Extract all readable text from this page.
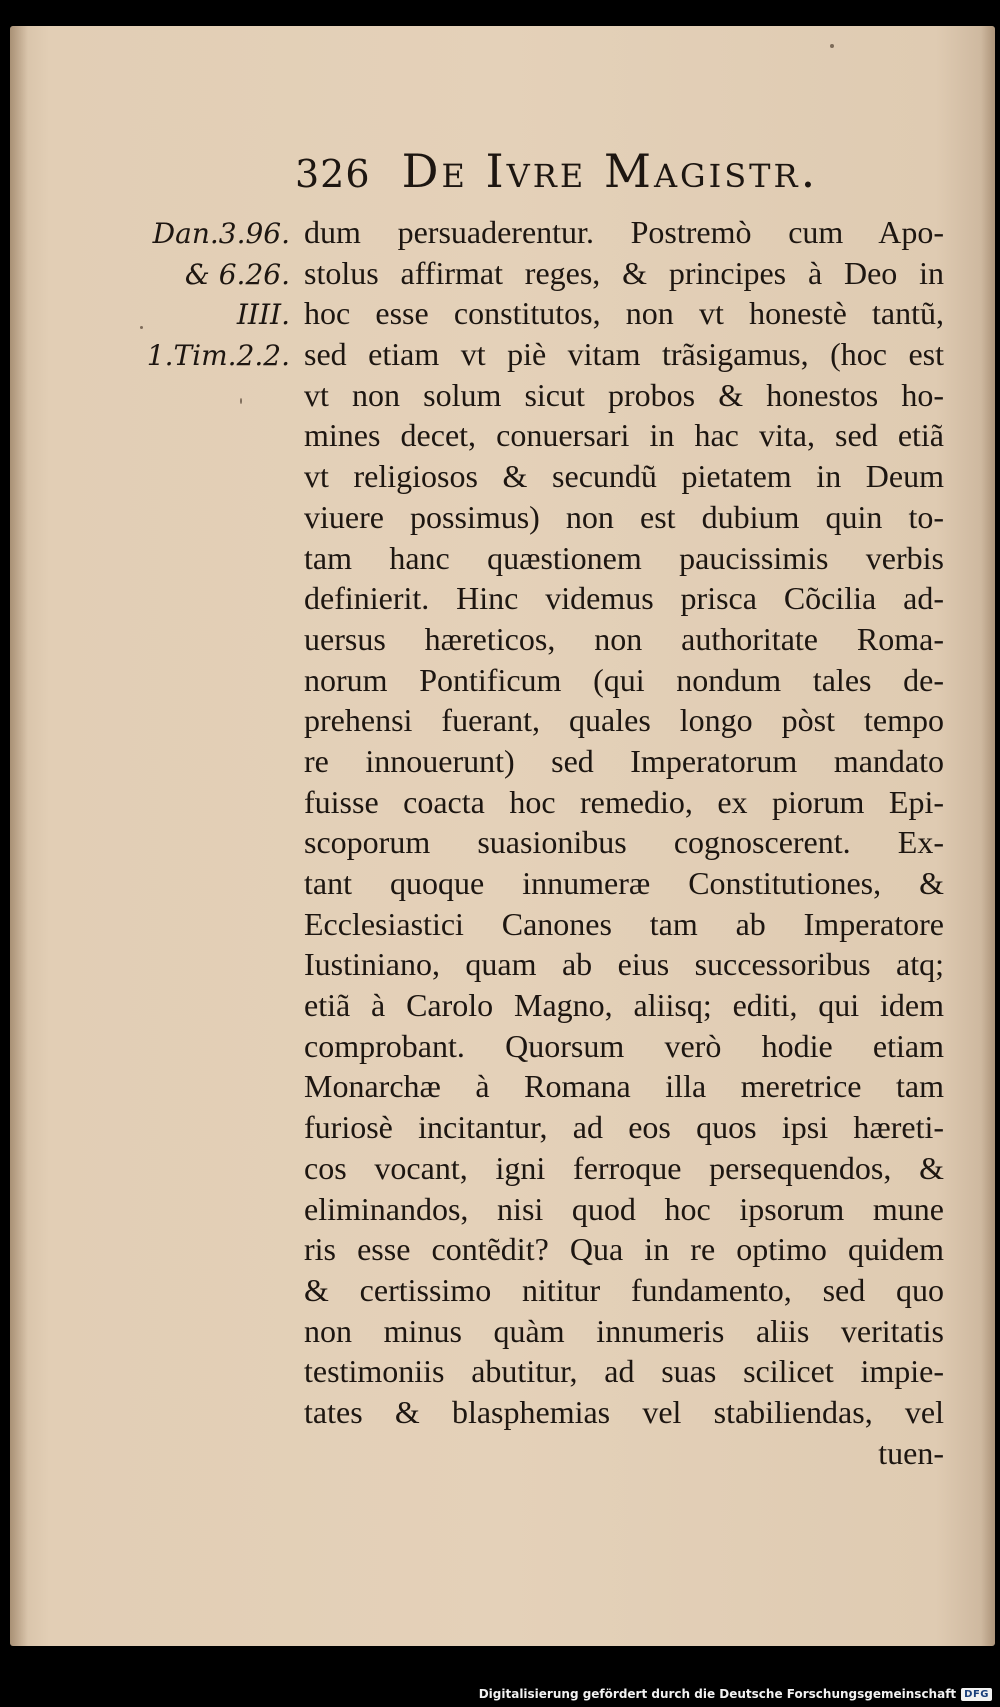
326 De Ivre Magistr.
Dan.3.96.
& 6.26.
IIII.
1.Tim.2.2.
dum persuaderentur. Postremò cum Apo-
stolus affirmat reges, & principes à Deo in
hoc esse constitutos, non vt honestè tantũ,
sed etiam vt piè vitam trãsigamus, (hoc est
vt non solum sicut probos & honestos ho-
mines decet, conuersari in hac vita, sed etiã
vt religiosos & secundũ pietatem in Deum
viuere possimus) non est dubium quin to-
tam hanc quæstionem paucissimis verbis
definierit. Hinc videmus prisca Cõcilia ad-
uersus hæreticos, non authoritate Roma-
norum Pontificum (qui nondum tales de-
prehensi fuerant, quales longo pòst tempo
re innouerunt) sed Imperatorum mandato
fuisse coacta hoc remedio, ex piorum Epi-
scoporum suasionibus cognoscerent. Ex-
tant quoque innumeræ Constitutiones, &
Ecclesiastici Canones tam ab Imperatore
Iustiniano, quam ab eius successoribus atq;
etiã à Carolo Magno, aliisq; editi, qui idem
comprobant. Quorsum verò hodie etiam
Monarchæ à Romana illa meretrice tam
furiosè incitantur, ad eos quos ipsi hæreti-
cos vocant, igni ferroque persequendos, &
eliminandos, nisi quod hoc ipsorum mune
ris esse contẽdit? Qua in re optimo quidem
& certissimo nititur fundamento, sed quo
non minus quàm innumeris aliis veritatis
testimoniis abutitur, ad suas scilicet impie-
tates & blasphemias vel stabiliendas, vel
tuen-
Digitalisierung gefördert durch die Deutsche Forschungsgemeinschaft DFG
